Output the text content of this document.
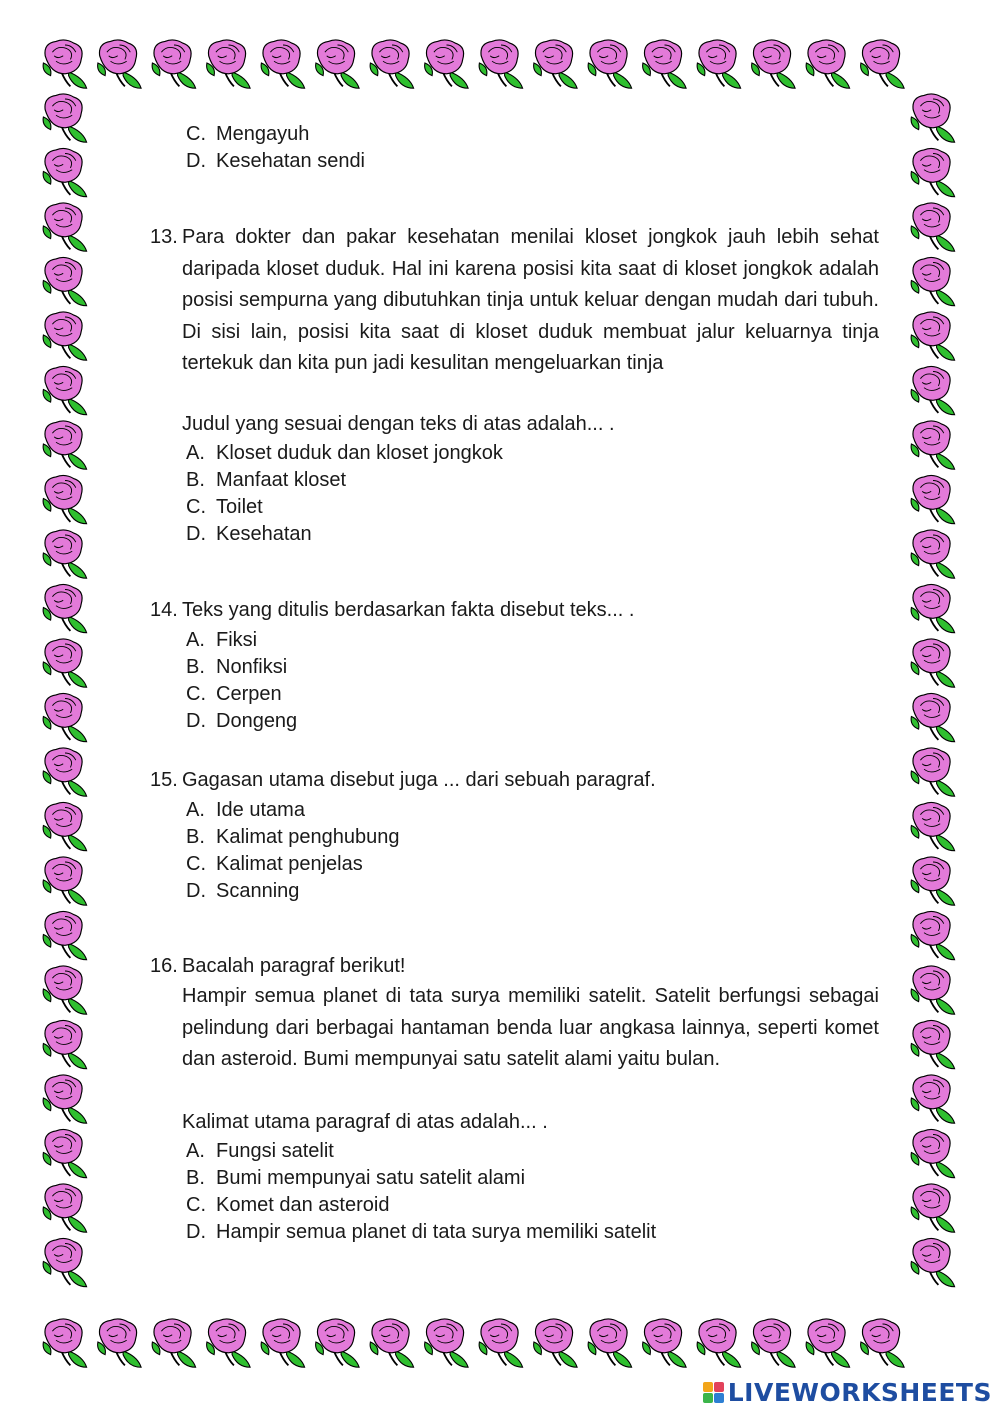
C. Mengayuh
D. Kesehatan sendi
13. Para dokter dan pakar kesehatan menilai kloset jongkok jauh lebih sehat daripada kloset duduk. Hal ini karena posisi kita saat di kloset jongkok adalah posisi sempurna yang dibutuhkan tinja untuk keluar dengan mudah dari tubuh. Di sisi lain, posisi kita saat di kloset duduk membuat jalur keluarnya tinja tertekuk dan kita pun jadi kesulitan mengeluarkan tinja
Judul yang sesuai dengan teks di atas adalah... .
A. Kloset duduk dan kloset jongkok
B. Manfaat kloset
C. Toilet
D. Kesehatan
14. Teks yang ditulis berdasarkan fakta disebut teks... .
A. Fiksi
B. Nonfiksi
C. Cerpen
D. Dongeng
15. Gagasan utama disebut juga ... dari sebuah paragraf.
A. Ide utama
B. Kalimat penghubung
C. Kalimat penjelas
D. Scanning
16. Bacalah paragraf berikut!
Hampir semua planet di tata surya memiliki satelit. Satelit berfungsi sebagai pelindung dari berbagai hantaman benda luar angkasa lainnya, seperti komet dan asteroid. Bumi mempunyai satu satelit alami yaitu bulan.
Kalimat utama paragraf di atas adalah... .
A. Fungsi satelit
B. Bumi mempunyai satu satelit alami
C. Komet dan asteroid
D. Hampir semua planet di tata surya memiliki satelit
LIVEWORKSHEETS
